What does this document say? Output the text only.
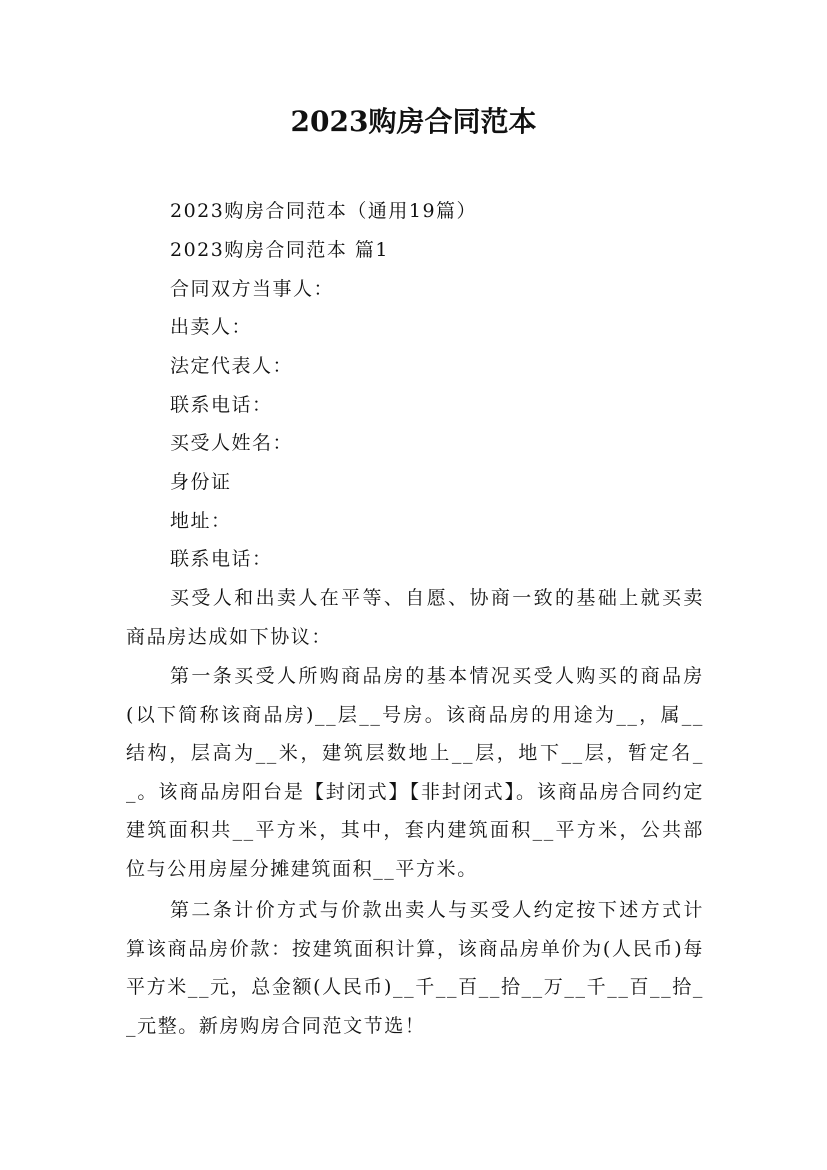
2023购房合同范本
2023购房合同范本（通用19篇）
2023购房合同范本 篇1
合同双方当事人：
出卖人：
法定代表人：
联系电话：
买受人姓名：
身份证
地址：
联系电话：
买受人和出卖人在平等、自愿、协商一致的基础上就买卖商品房达成如下协议：
第一条买受人所购商品房的基本情况买受人购买的商品房(以下简称该商品房)__层__号房。该商品房的用途为__，属__结构，层高为__米，建筑层数地上__层，地下__层，暂定名__。该商品房阳台是【封闭式】【非封闭式】。该商品房合同约定建筑面积共__平方米，其中，套内建筑面积__平方米，公共部位与公用房屋分摊建筑面积__平方米。
第二条计价方式与价款出卖人与买受人约定按下述方式计算该商品房价款：按建筑面积计算，该商品房单价为(人民币)每平方米__元，总金额(人民币)__千__百__拾__万__千__百__拾__元整。新房购房合同范文节选！
